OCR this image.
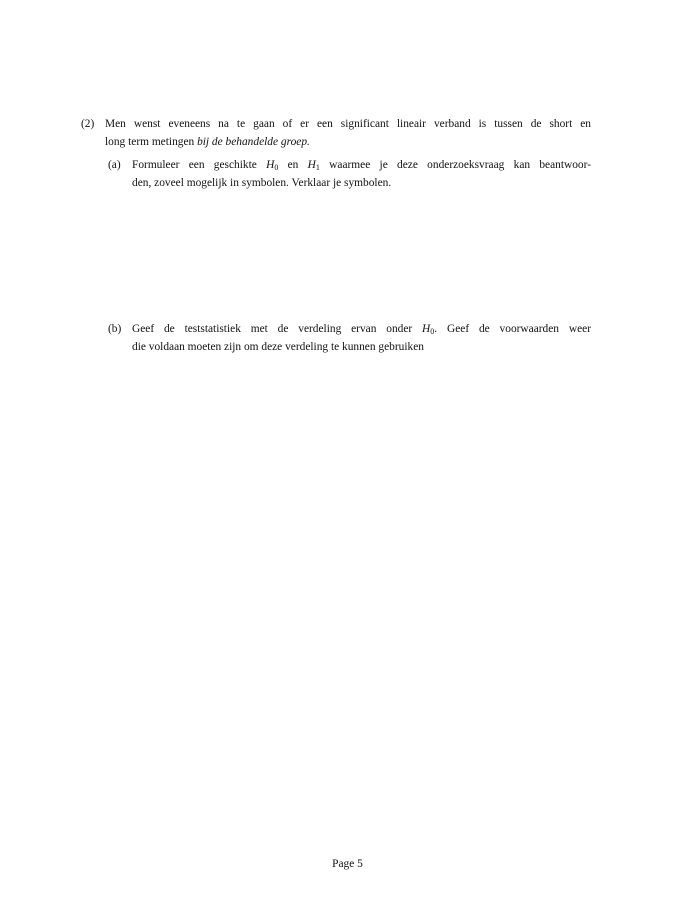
(2) Men wenst eveneens na te gaan of er een significant lineair verband is tussen de short en
long term metingen bij de behandelde groep.
(a) Formuleer een geschikte $H_0$ en $H_1$ waarmee je deze onderzoeksvraag kan beantwoor-
den, zoveel mogelijk in symbolen. Verklaar je symbolen.
(b) Geef de teststatistiek met de verdeling ervan onder $H_0$. Geef de voorwaarden weer
die voldaan moeten zijn om deze verdeling te kunnen gebruiken
Page 5
